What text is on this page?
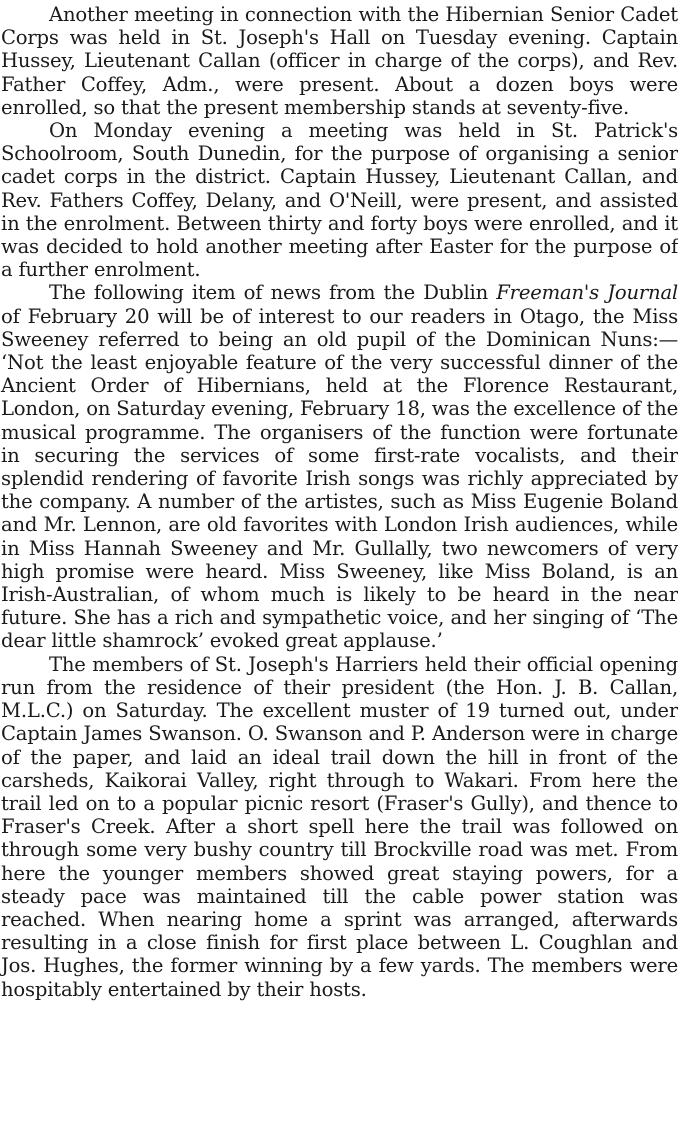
Another meeting in connection with the Hibernian Senior Cadet Corps was held in St. Joseph's Hall on Tuesday evening. Captain Hussey, Lieutenant Callan (officer in charge of the corps), and Rev. Father Coffey, Adm., were present. About a dozen boys were enrolled, so that the present membership stands at seventy-five.

On Monday evening a meeting was held in St. Patrick's Schoolroom, South Dunedin, for the purpose of organising a senior cadet corps in the district. Captain Hussey, Lieutenant Callan, and Rev. Fathers Coffey, Delany, and O'Neill, were present, and assisted in the enrolment. Between thirty and forty boys were enrolled, and it was decided to hold another meeting after Easter for the purpose of a further enrolment.

The following item of news from the Dublin Freeman's Journal of February 20 will be of interest to our readers in Otago, the Miss Sweeney referred to being an old pupil of the Dominican Nuns:— ‘Not the least enjoyable feature of the very successful dinner of the Ancient Order of Hibernians, held at the Florence Restaurant, London, on Saturday evening, February 18, was the excellence of the musical programme. The organisers of the function were fortunate in securing the services of some first-rate vocalists, and their splendid rendering of favorite Irish songs was richly appreciated by the company. A number of the artistes, such as Miss Eugenie Boland and Mr. Lennon, are old favorites with London Irish audiences, while in Miss Hannah Sweeney and Mr. Gullally, two newcomers of very high promise were heard. Miss Sweeney, like Miss Boland, is an Irish-Australian, of whom much is likely to be heard in the near future. She has a rich and sympathetic voice, and her singing of ‘The dear little shamrock’ evoked great applause.’

The members of St. Joseph's Harriers held their official opening run from the residence of their president (the Hon. J. B. Callan, M.L.C.) on Saturday. The excellent muster of 19 turned out, under Captain James Swanson. O. Swanson and P. Anderson were in charge of the paper, and laid an ideal trail down the hill in front of the carsheds, Kaikorai Valley, right through to Wakari. From here the trail led on to a popular picnic resort (Fraser's Gully), and thence to Fraser's Creek. After a short spell here the trail was followed on through some very bushy country till Brockville road was met. From here the younger members showed great staying powers, for a steady pace was maintained till the cable power station was reached. When nearing home a sprint was arranged, afterwards resulting in a close finish for first place between L. Coughlan and Jos. Hughes, the former winning by a few yards. The members were hospitably entertained by their hosts.
